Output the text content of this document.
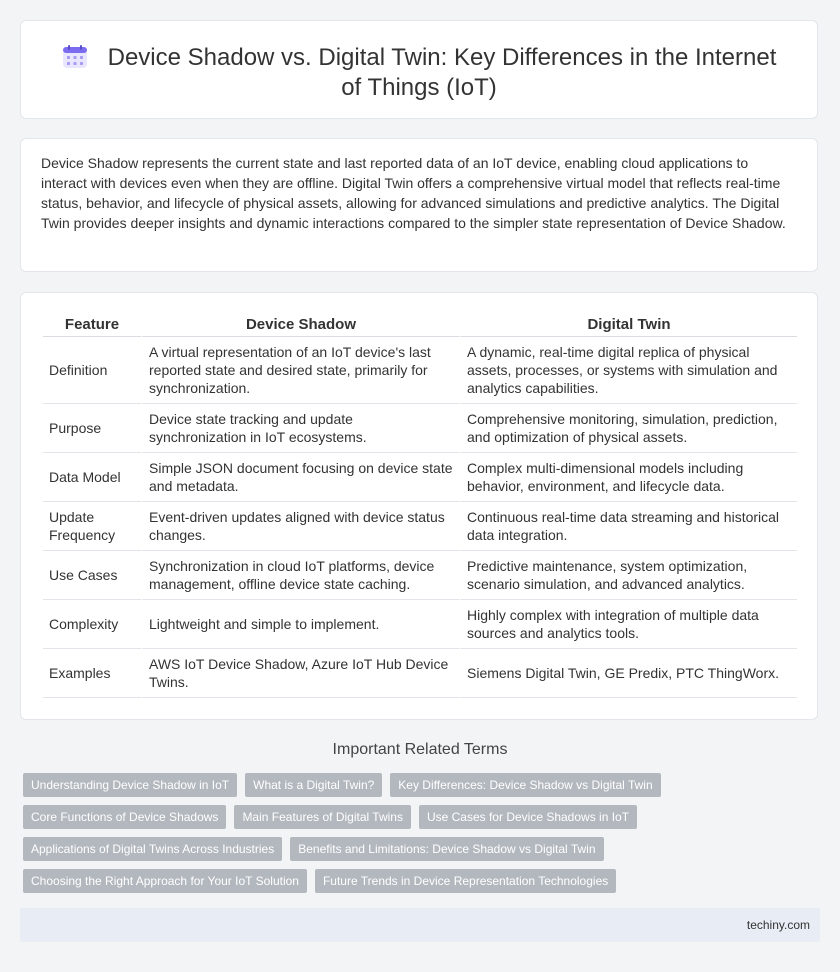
Device Shadow vs. Digital Twin: Key Differences in the Internet of Things (IoT)
Device Shadow represents the current state and last reported data of an IoT device, enabling cloud applications to interact with devices even when they are offline. Digital Twin offers a comprehensive virtual model that reflects real-time status, behavior, and lifecycle of physical assets, allowing for advanced simulations and predictive analytics. The Digital Twin provides deeper insights and dynamic interactions compared to the simpler state representation of Device Shadow.
Feature	Device Shadow	Digital Twin
Definition	A virtual representation of an IoT device's last reported state and desired state, primarily for synchronization.	A dynamic, real-time digital replica of physical assets, processes, or systems with simulation and analytics capabilities.
Purpose	Device state tracking and update synchronization in IoT ecosystems.	Comprehensive monitoring, simulation, prediction, and optimization of physical assets.
Data Model	Simple JSON document focusing on device state and metadata.	Complex multi-dimensional models including behavior, environment, and lifecycle data.
Update Frequency	Event-driven updates aligned with device status changes.	Continuous real-time data streaming and historical data integration.
Use Cases	Synchronization in cloud IoT platforms, device management, offline device state caching.	Predictive maintenance, system optimization, scenario simulation, and advanced analytics.
Complexity	Lightweight and simple to implement.	Highly complex with integration of multiple data sources and analytics tools.
Examples	AWS IoT Device Shadow, Azure IoT Hub Device Twins.	Siemens Digital Twin, GE Predix, PTC ThingWorx.
Important Related Terms
Understanding Device Shadow in IoT	What is a Digital Twin?	Key Differences: Device Shadow vs Digital Twin
Core Functions of Device Shadows	Main Features of Digital Twins	Use Cases for Device Shadows in IoT
Applications of Digital Twins Across Industries	Benefits and Limitations: Device Shadow vs Digital Twin
Choosing the Right Approach for Your IoT Solution	Future Trends in Device Representation Technologies
techiny.com
